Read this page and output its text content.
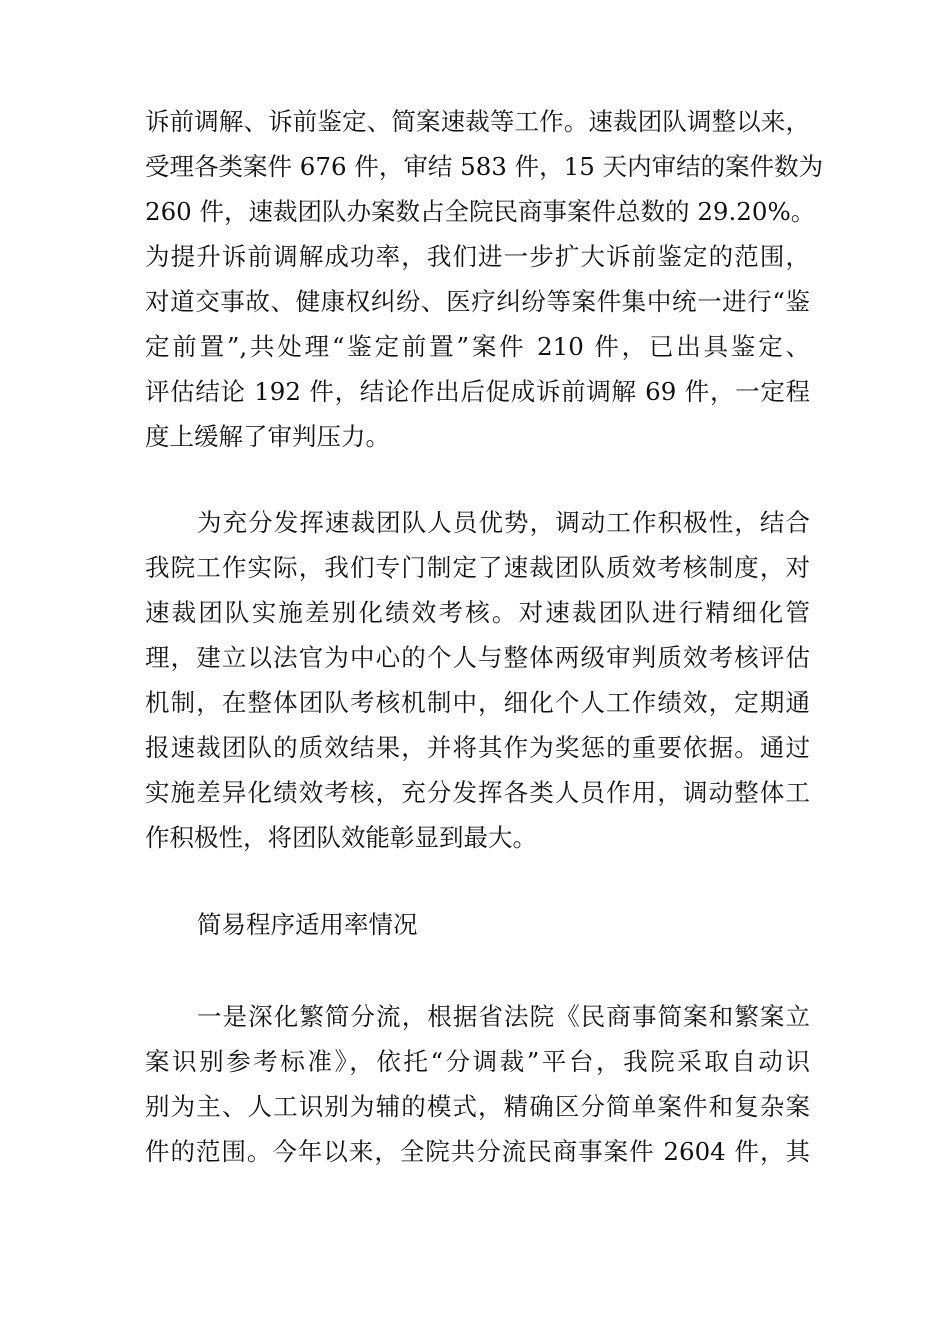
诉前调解、诉前鉴定、简案速裁等工作。速裁团队调整以来，
受理各类案件 676 件，审结 583 件，15 天内审结的案件数为
260 件，速裁团队办案数占全院民商事案件总数的 29.20%。
为提升诉前调解成功率，我们进一步扩大诉前鉴定的范围，
对道交事故、健康权纠纷、医疗纠纷等案件集中统一进行“鉴
定前置”,共处理“鉴定前置”案件 210 件，已出具鉴定、
评估结论 192 件，结论作出后促成诉前调解 69 件，一定程
度上缓解了审判压力。
为充分发挥速裁团队人员优势，调动工作积极性，结合
我院工作实际，我们专门制定了速裁团队质效考核制度，对
速裁团队实施差别化绩效考核。对速裁团队进行精细化管
理，建立以法官为中心的个人与整体两级审判质效考核评估
机制，在整体团队考核机制中，细化个人工作绩效，定期通
报速裁团队的质效结果，并将其作为奖惩的重要依据。通过
实施差异化绩效考核，充分发挥各类人员作用，调动整体工
作积极性，将团队效能彰显到最大。
简易程序适用率情况
一是深化繁简分流，根据省法院《民商事简案和繁案立
案识别参考标准》，依托“分调裁”平台，我院采取自动识
别为主、人工识别为辅的模式，精确区分简单案件和复杂案
件的范围。今年以来，全院共分流民商事案件 2604 件，其
